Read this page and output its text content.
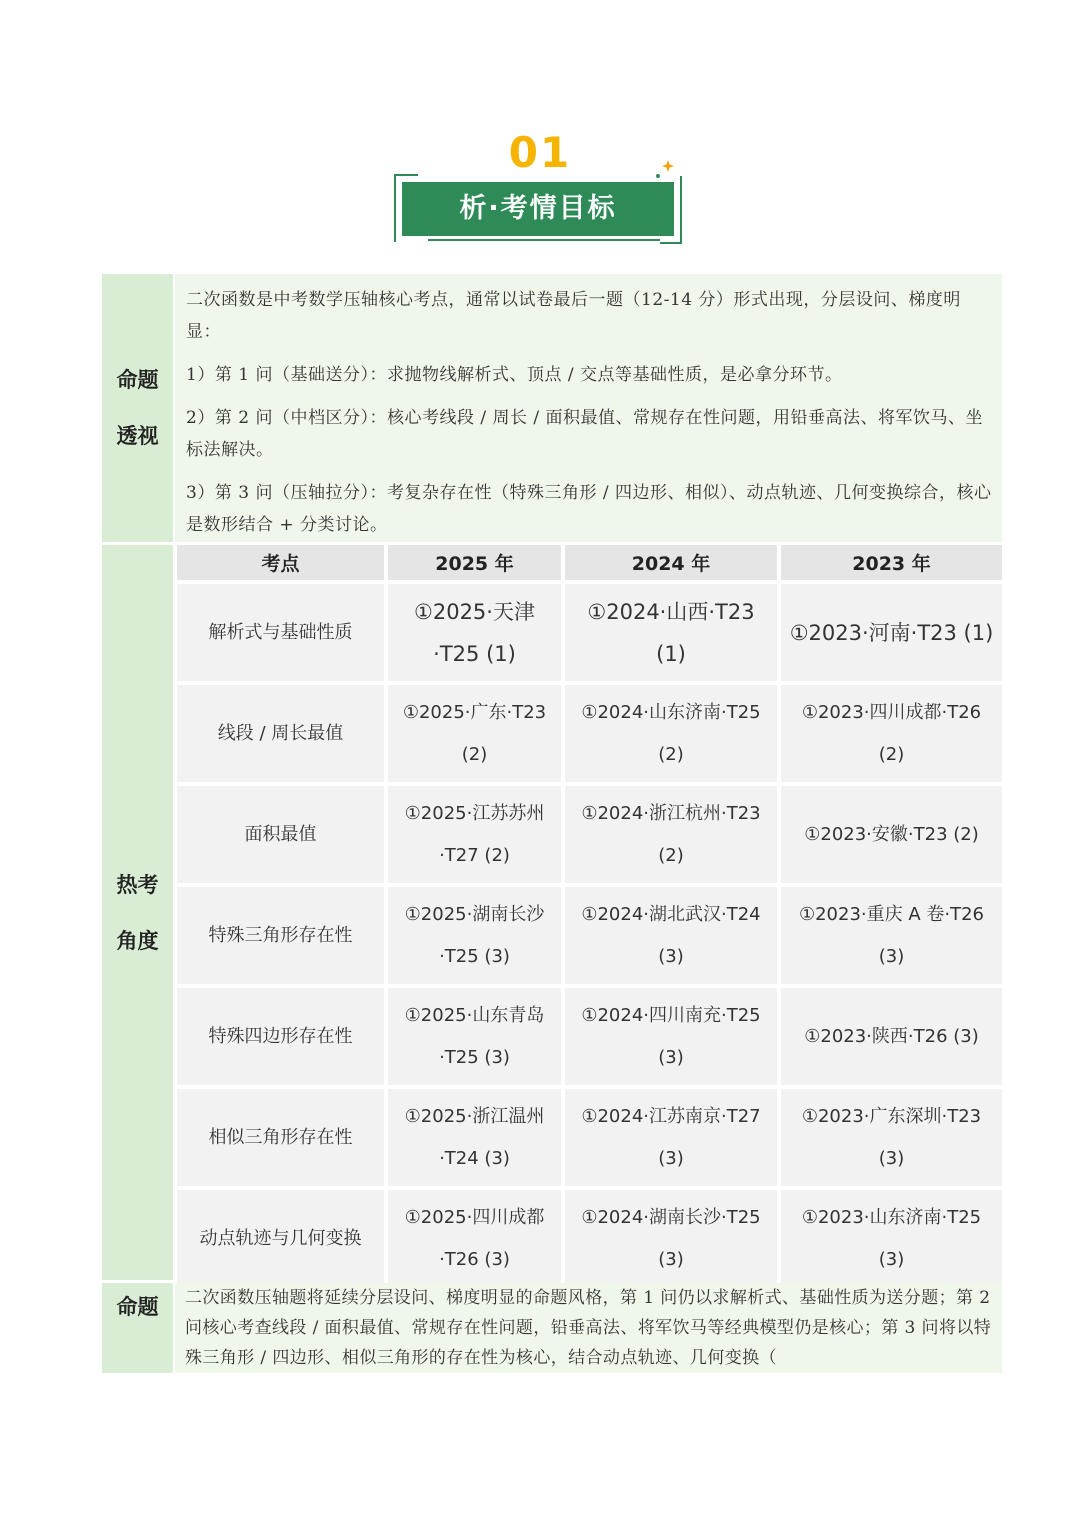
01
析·考情目标
命题
透视

二次函数是中考数学压轴核心考点，通常以试卷最后一题（12-14 分）形式出现，分层设问、梯度明显：

1）第 1 问（基础送分）：求抛物线解析式、顶点 / 交点等基础性质，是必拿分环节。

2）第 2 问（中档区分）：核心考线段 / 周长 / 面积最值、常规存在性问题，用铅垂高法、将军饮马、坐标法解决。

3）第 3 问（压轴拉分）：考复杂存在性（特殊三角形 / 四边形、相似）、动点轨迹、几何变换综合，核心是数形结合 + 分类讨论。

热考
角度
考点	2025 年	2024 年	2023 年
解析式与基础性质
①2025·天津·T25 (1)
①2024·山西·T23 (1)
①2023·河南·T23 (1)
线段 / 周长最值
①2025·广东·T23 (2)
①2024·山东济南·T25 (2)
①2023·四川成都·T26 (2)
面积最值
①2025·江苏苏州·T27 (2)
①2024·浙江杭州·T23 (2)
①2023·安徽·T23 (2)
特殊三角形存在性
①2025·湖南长沙·T25 (3)
①2024·湖北武汉·T24 (3)
①2023·重庆 A 卷·T26 (3)
特殊四边形存在性
①2025·山东青岛·T25 (3)
①2024·四川南充·T25 (3)
①2023·陕西·T26 (3)
相似三角形存在性
①2025·浙江温州·T24 (3)
①2024·江苏南京·T27 (3)
①2023·广东深圳·T23 (3)
动点轨迹与几何变换
①2025·四川成都·T26 (3)
①2024·湖南长沙·T25 (3)
①2023·山东济南·T25 (3)
命题	二次函数压轴题将延续分层设问、梯度明显的命题风格，第 1 问仍以求解析式、基础性质为送分题；第 2 问核心考查线段 / 面积最值、常规存在性问题，铅垂高法、将军饮马等经典模型仍是核心；第 3 问将以特殊三角形 / 四边形、相似三角形的存在性为核心，结合动点轨迹、几何变换（
